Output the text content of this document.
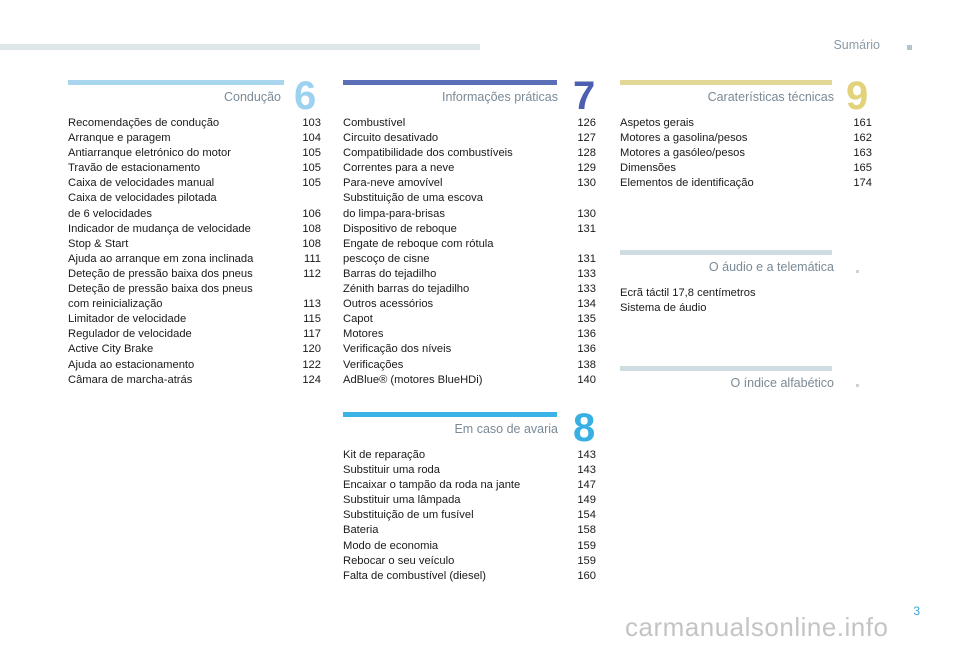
Sumário
Condução 6
Recomendações de condução	103
Arranque e paragem	104
Antiarranque eletrónico do motor	105
Travão de estacionamento	105
Caixa de velocidades manual	105
Caixa de velocidades pilotada
de 6 velocidades	106
Indicador de mudança de velocidade	108
Stop & Start	108
Ajuda ao arranque em zona inclinada	111
Deteção de pressão baixa dos pneus	112
Deteção de pressão baixa dos pneus
com reinicialização	113
Limitador de velocidade	115
Regulador de velocidade	117
Active City Brake	120
Ajuda ao estacionamento	122
Câmara de marcha-atrás	124
Informações práticas 7
Combustível	126
Circuito desativado	127
Compatibilidade dos combustíveis	128
Correntes para a neve	129
Para-neve amovível	130
Substituição de uma escova
do limpa-para-brisas	130
Dispositivo de reboque	131
Engate de reboque com rótula
pescoço de cisne	131
Barras do tejadilho	133
Zénith barras do tejadilho	133
Outros acessórios	134
Capot	135
Motores	136
Verificação dos níveis	136
Verificações	138
AdBlue® (motores BlueHDi)	140
Em caso de avaria 8
Kit de reparação	143
Substituir uma roda	143
Encaixar o tampão da roda na jante	147
Substituir uma lâmpada	149
Substituição de um fusível	154
Bateria	158
Modo de economia	159
Rebocar o seu veículo	159
Falta de combustível (diesel)	160
Caraterísticas técnicas 9
Aspetos gerais	161
Motores a gasolina/pesos	162
Motores a gasóleo/pesos	163
Dimensões	165
Elementos de identificação	174
O áudio e a telemática
Ecrã táctil 17,8 centímetros
Sistema de áudio
O índice alfabético
3
carmanualsonline.info
